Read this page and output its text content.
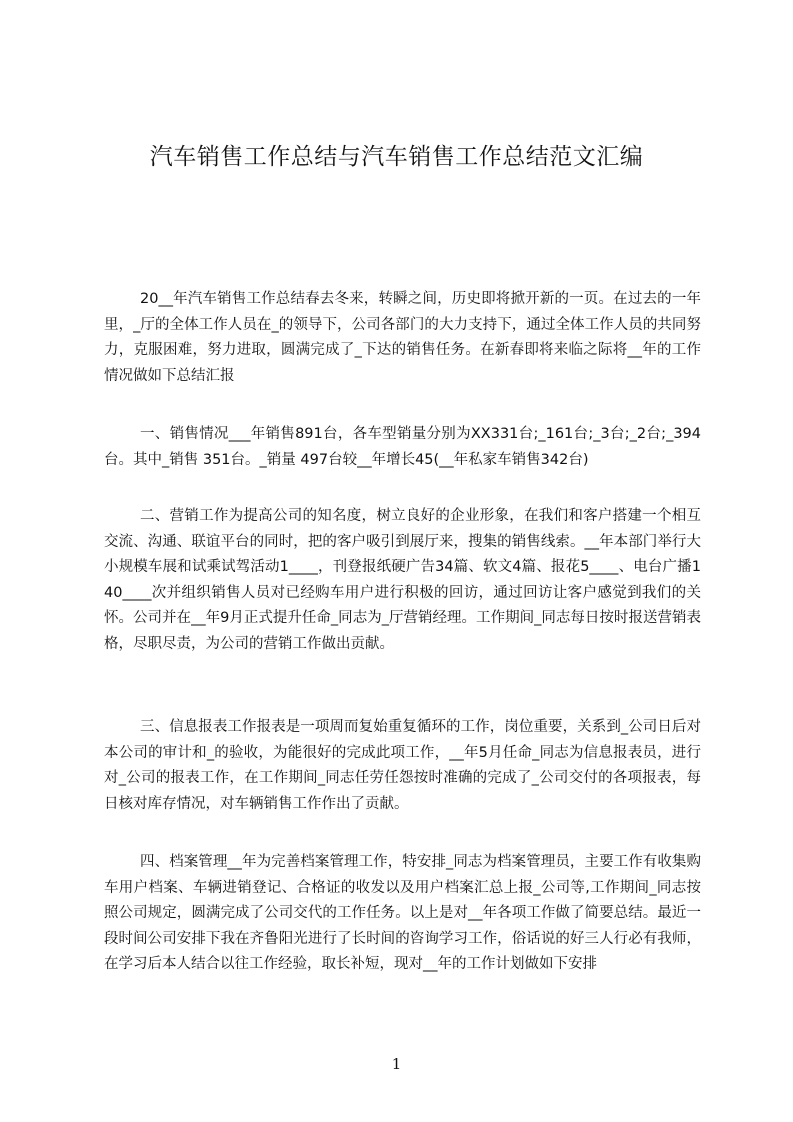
汽车销售工作总结与汽车销售工作总结范文汇编

20__年汽车销售工作总结春去冬来，转瞬之间，历史即将掀开新的一页。在过去的一年里，_厅的全体工作人员在_的领导下，公司各部门的大力支持下，通过全体工作人员的共同努力，克服困难，努力进取，圆满完成了_下达的销售任务。在新春即将来临之际将__年的工作情况做如下总结汇报

一、销售情况___年销售891台，各车型销量分别为XX331台;_161台;_3台;_2台;_394台。其中_销售 351台。_销量 497台较__年增长45(__年私家车销售342台)

二、营销工作为提高公司的知名度，树立良好的企业形象，在我们和客户搭建一个相互交流、沟通、联谊平台的同时，把的客户吸引到展厅来，搜集的销售线索。__年本部门举行大小规模车展和试乘试驾活动1____，刊登报纸硬广告34篇、软文4篇、报花5____、电台广播140____次并组织销售人员对已经购车用户进行积极的回访，通过回访让客户感觉到我们的关怀。公司并在__年9月正式提升任命_同志为_厅营销经理。工作期间_同志每日按时报送营销表格，尽职尽责，为公司的营销工作做出贡献。

三、信息报表工作报表是一项周而复始重复循环的工作，岗位重要，关系到_公司日后对本公司的审计和_的验收，为能很好的完成此项工作，__年5月任命_同志为信息报表员，进行对_公司的报表工作，在工作期间_同志任劳任怨按时准确的完成了_公司交付的各项报表，每日核对库存情况，对车辆销售工作作出了贡献。

四、档案管理__年为完善档案管理工作，特安排_同志为档案管理员，主要工作有收集购车用户档案、车辆进销登记、合格证的收发以及用户档案汇总上报_公司等,工作期间_同志按照公司规定，圆满完成了公司交代的工作任务。以上是对__年各项工作做了简要总结。最近一段时间公司安排下我在齐鲁阳光进行了长时间的咨询学习工作，俗话说的好三人行必有我师，在学习后本人结合以往工作经验，取长补短，现对__年的工作计划做如下安排

1
